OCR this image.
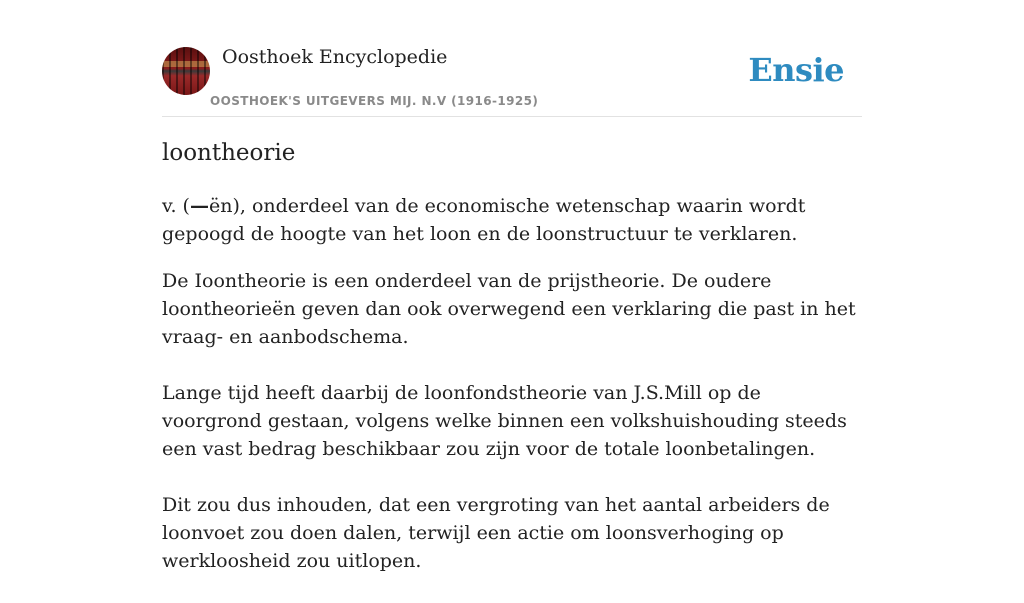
Oosthoek Encyclopedie
OOSTHOEK'S UITGEVERS MIJ. N.V (1916-1925)
Ensie
loontheorie
v. (—ën), onderdeel van de economische wetenschap waarin wordt gepoogd de hoogte van het loon en de loonstructuur te verklaren.

De Ioontheorie is een onderdeel van de prijstheorie. De oudere loontheorieën geven dan ook overwegend een verklaring die past in het vraag- en aanbodschema.

Lange tijd heeft daarbij de loonfondstheorie van J.S.Mill op de voorgrond gestaan, volgens welke binnen een volkshuishouding steeds een vast bedrag beschikbaar zou zijn voor de totale loonbetalingen.

Dit zou dus inhouden, dat een vergroting van het aantal arbeiders de loonvoet zou doen dalen, terwijl een actie om loonsverhoging op werkloosheid zou uitlopen.
